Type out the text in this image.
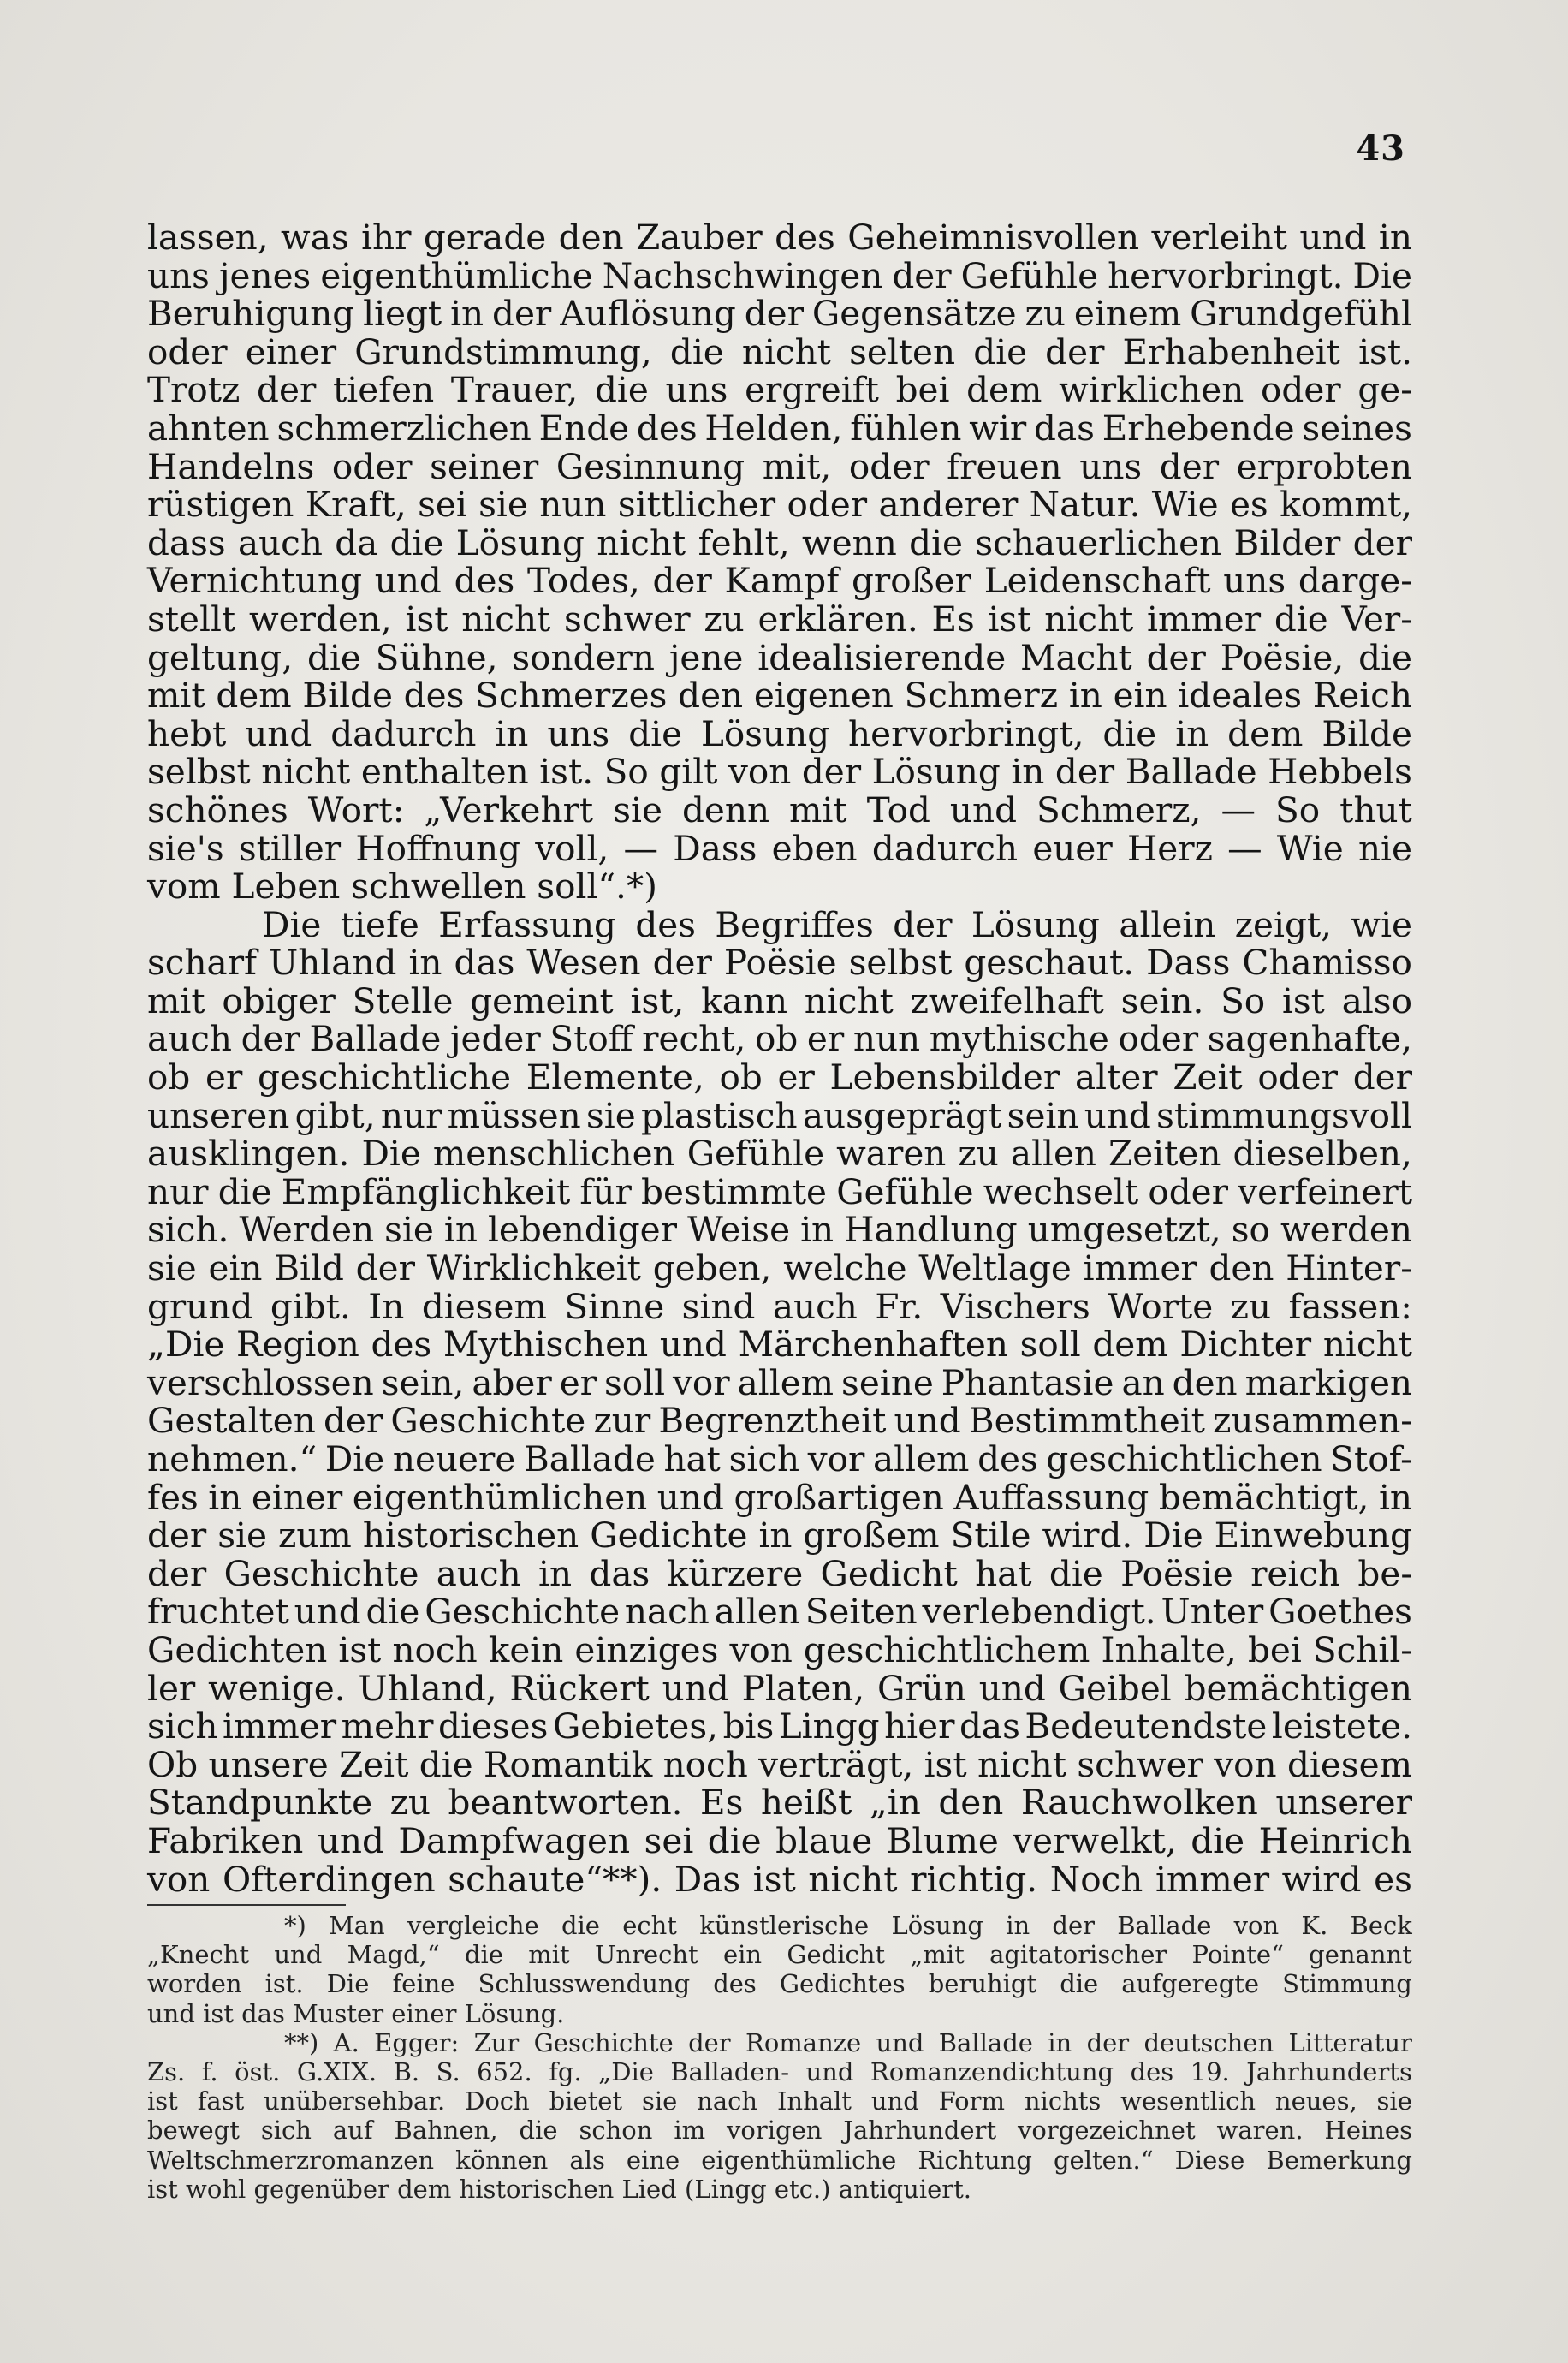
43
lassen, was ihr gerade den Zauber des Geheimnisvollen verleiht und in
uns jenes eigenthümliche Nachschwingen der Gefühle hervorbringt. Die
Beruhigung liegt in der Auflösung der Gegensätze zu einem Grundgefühl
oder einer Grundstimmung, die nicht selten die der Erhabenheit ist.
Trotz der tiefen Trauer, die uns ergreift bei dem wirklichen oder ge-
ahnten schmerzlichen Ende des Helden, fühlen wir das Erhebende seines
Handelns oder seiner Gesinnung mit, oder freuen uns der erprobten
rüstigen Kraft, sei sie nun sittlicher oder anderer Natur. Wie es kommt,
dass auch da die Lösung nicht fehlt, wenn die schauerlichen Bilder der
Vernichtung und des Todes, der Kampf großer Leidenschaft uns darge-
stellt werden, ist nicht schwer zu erklären. Es ist nicht immer die Ver-
geltung, die Sühne, sondern jene idealisierende Macht der Poësie, die
mit dem Bilde des Schmerzes den eigenen Schmerz in ein ideales Reich
hebt und dadurch in uns die Lösung hervorbringt, die in dem Bilde
selbst nicht enthalten ist. So gilt von der Lösung in der Ballade Hebbels
schönes Wort: „Verkehrt sie denn mit Tod und Schmerz, — So thut
sie's stiller Hoffnung voll, — Dass eben dadurch euer Herz — Wie nie
vom Leben schwellen soll“.*)
Die tiefe Erfassung des Begriffes der Lösung allein zeigt, wie
scharf Uhland in das Wesen der Poësie selbst geschaut. Dass Chamisso
mit obiger Stelle gemeint ist, kann nicht zweifelhaft sein. So ist also
auch der Ballade jeder Stoff recht, ob er nun mythische oder sagenhafte,
ob er geschichtliche Elemente, ob er Lebensbilder alter Zeit oder der
unseren gibt, nur müssen sie plastisch ausgeprägt sein und stimmungsvoll
ausklingen. Die menschlichen Gefühle waren zu allen Zeiten dieselben,
nur die Empfänglichkeit für bestimmte Gefühle wechselt oder verfeinert
sich. Werden sie in lebendiger Weise in Handlung umgesetzt, so werden
sie ein Bild der Wirklichkeit geben, welche Weltlage immer den Hinter-
grund gibt. In diesem Sinne sind auch Fr. Vischers Worte zu fassen:
„Die Region des Mythischen und Märchenhaften soll dem Dichter nicht
verschlossen sein, aber er soll vor allem seine Phantasie an den markigen
Gestalten der Geschichte zur Begrenztheit und Bestimmtheit zusammen-
nehmen.“ Die neuere Ballade hat sich vor allem des geschichtlichen Stof-
fes in einer eigenthümlichen und großartigen Auffassung bemächtigt, in
der sie zum historischen Gedichte in großem Stile wird. Die Einwebung
der Geschichte auch in das kürzere Gedicht hat die Poësie reich be-
fruchtet und die Geschichte nach allen Seiten verlebendigt. Unter Goethes
Gedichten ist noch kein einziges von geschichtlichem Inhalte, bei Schil-
ler wenige. Uhland, Rückert und Platen, Grün und Geibel bemächtigen
sich immer mehr dieses Gebietes, bis Lingg hier das Bedeutendste leistete.
Ob unsere Zeit die Romantik noch verträgt, ist nicht schwer von diesem
Standpunkte zu beantworten. Es heißt „in den Rauchwolken unserer
Fabriken und Dampfwagen sei die blaue Blume verwelkt, die Heinrich
von Ofterdingen schaute“**). Das ist nicht richtig. Noch immer wird es
*) Man vergleiche die echt künstlerische Lösung in der Ballade von K. Beck
„Knecht und Magd,“ die mit Unrecht ein Gedicht „mit agitatorischer Pointe“ genannt
worden ist. Die feine Schlusswendung des Gedichtes beruhigt die aufgeregte Stimmung
und ist das Muster einer Lösung.
**) A. Egger: Zur Geschichte der Romanze und Ballade in der deutschen Litteratur
Zs. f. öst. G.XIX. B. S. 652. fg. „Die Balladen- und Romanzendichtung des 19. Jahrhunderts
ist fast unübersehbar. Doch bietet sie nach Inhalt und Form nichts wesentlich neues, sie
bewegt sich auf Bahnen, die schon im vorigen Jahrhundert vorgezeichnet waren. Heines
Weltschmerzromanzen können als eine eigenthümliche Richtung gelten.“ Diese Bemerkung
ist wohl gegenüber dem historischen Lied (Lingg etc.) antiquiert.
